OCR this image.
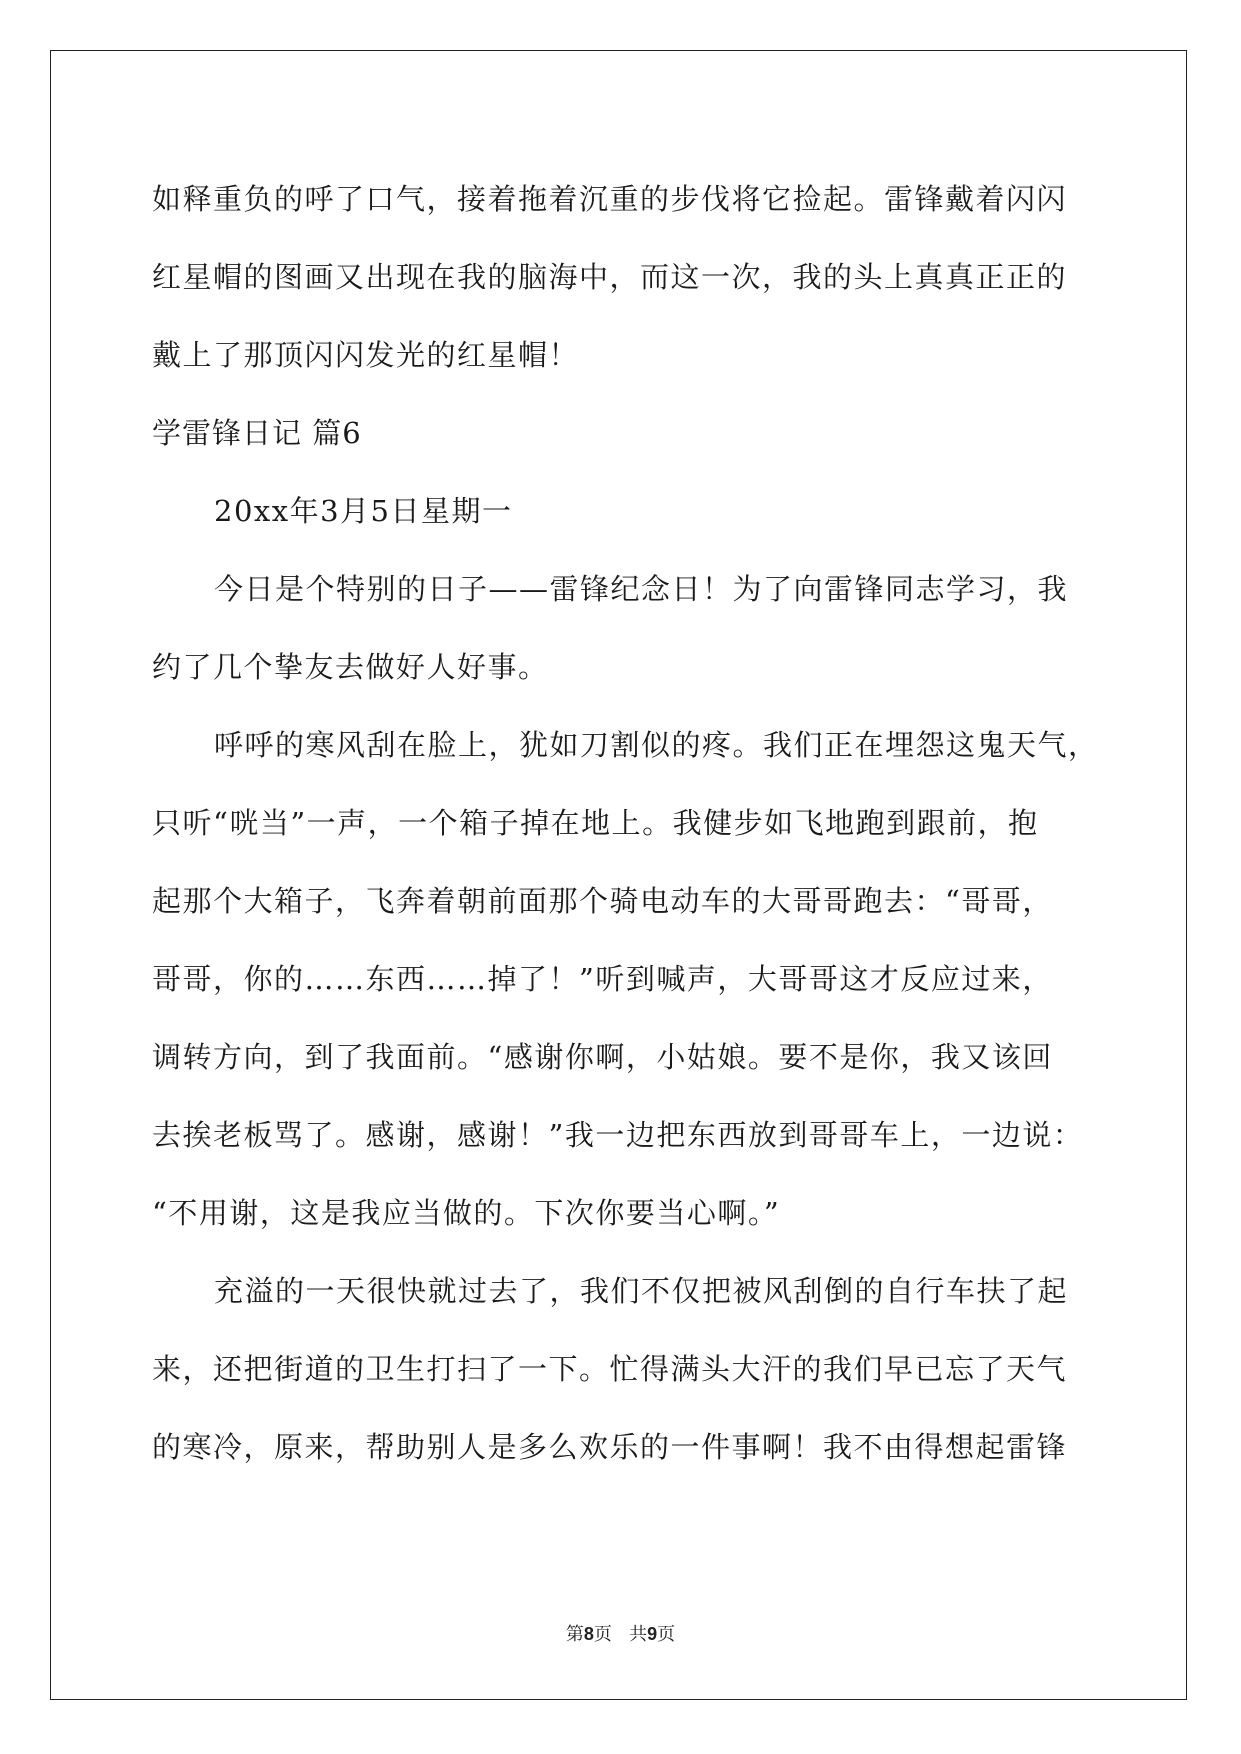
如释重负的呼了口气，接着拖着沉重的步伐将它捡起。雷锋戴着闪闪
红星帽的图画又出现在我的脑海中，而这一次，我的头上真真正正的
戴上了那顶闪闪发光的红星帽！
学雷锋日记 篇6
20xx年3月5日星期一
今日是个特别的日子——雷锋纪念日！为了向雷锋同志学习，我
约了几个挚友去做好人好事。
呼呼的寒风刮在脸上，犹如刀割似的疼。我们正在埋怨这鬼天气，
只听“咣当”一声，一个箱子掉在地上。我健步如飞地跑到跟前，抱
起那个大箱子，飞奔着朝前面那个骑电动车的大哥哥跑去：“哥哥，
哥哥，你的……东西……掉了！”听到喊声，大哥哥这才反应过来，
调转方向，到了我面前。“感谢你啊，小姑娘。要不是你，我又该回
去挨老板骂了。感谢，感谢！”我一边把东西放到哥哥车上，一边说：
“不用谢，这是我应当做的。下次你要当心啊。”
充溢的一天很快就过去了，我们不仅把被风刮倒的自行车扶了起
来，还把街道的卫生打扫了一下。忙得满头大汗的我们早已忘了天气
的寒冷，原来，帮助别人是多么欢乐的一件事啊！我不由得想起雷锋
第8页 共9页
